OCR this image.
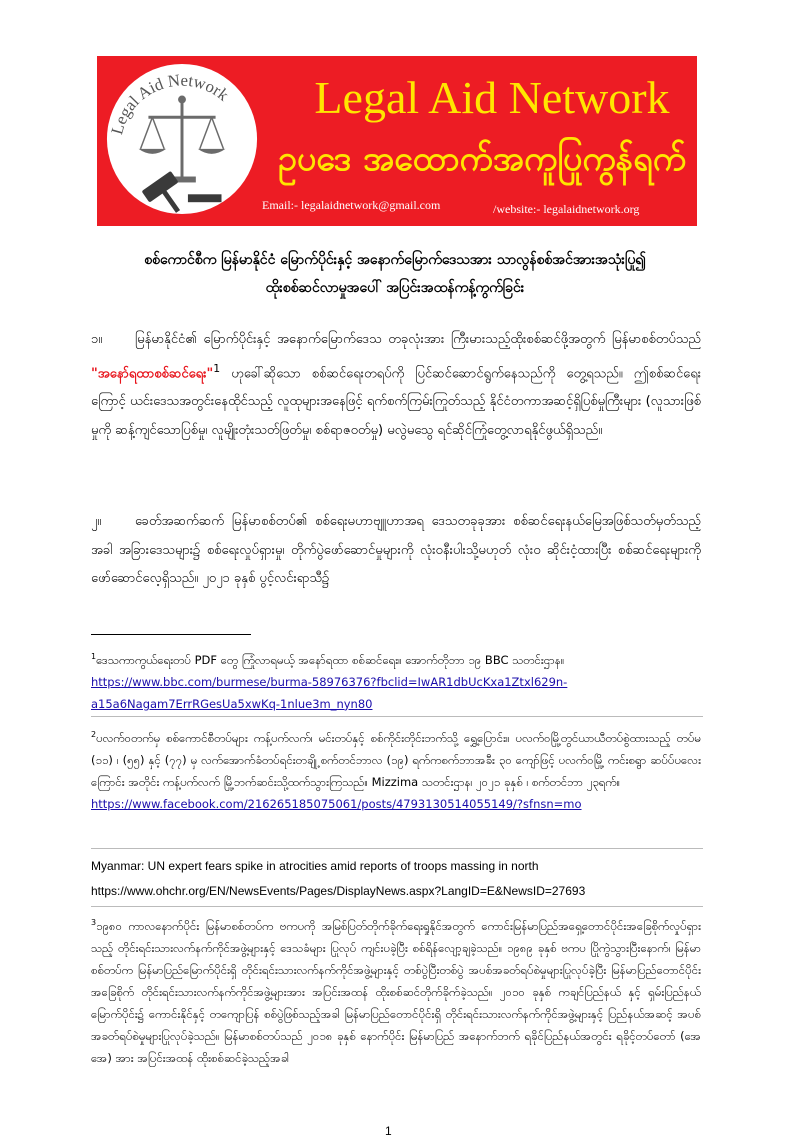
Legal Aid Network	Legal Aid Network
ဥပဒေ အထောက်အကူပြုကွန်ရက်
Email:- legalaidnetwork@gmail.com	/website:- legalaidnetwork.org
စစ်ကောင်စီက မြန်မာနိုင်ငံ မြောက်ပိုင်းနှင့် အနောက်မြောက်ဒေသအား သာလွန်စစ်အင်အားအသုံးပြု၍
ထိုးစစ်ဆင်လာမှုအပေါ် အပြင်းအထန်ကန့်ကွက်ခြင်း
၁။	မြန်မာနိုင်ငံ၏ မြောက်ပိုင်းနှင့် အနောက်မြောက်ဒေသ တခုလုံးအား ကြီးမားသည့်ထိုးစစ်ဆင်ဖို့အတွက် မြန်မာစစ်တပ်သည် "အနော်ရထာစစ်ဆင်ရေး"$^1$ ဟုခေါ်ဆိုသော စစ်ဆင်ရေးတရပ်ကို ပြင်ဆင်ဆောင်ရွက်နေသည်ကို တွေ့ရသည်။ ဤစစ်ဆင်ရေးကြောင့် ယင်းဒေသအတွင်းနေထိုင်သည့် လူထုများအနေဖြင့် ရက်စက်ကြမ်းကြုတ်သည့် နိုင်ငံတကာအဆင့်ရှိပြစ်မှုကြီးများ (လူသားဖြစ်မှုကို ဆန့်ကျင်သောပြစ်မှု၊ လူမျိုးတုံးသတ်ဖြတ်မှု၊ စစ်ရာဇဝတ်မှု) မလွဲမသွေ ရင်ဆိုင်ကြုံတွေ့လာရနိုင်ဖွယ်ရှိသည်။
၂။	ခေတ်အဆက်ဆက် မြန်မာစစ်တပ်၏ စစ်ရေးမဟာဗျူဟာအရ ဒေသတခုခုအား စစ်ဆင်ရေးနယ်မြေအဖြစ်သတ်မှတ်သည့်အခါ အခြားဒေသများ၌ စစ်ရေးလှုပ်ရှားမှု၊ တိုက်ပွဲဖော်ဆောင်မှုများကို လုံးဝနီးပါးသို့မဟုတ် လုံးဝ ဆိုင်းငံ့ထားပြီး စစ်ဆင်ရေးများကို ဖော်ဆောင်လေ့ရှိသည်။ ၂၀၂၁ ခုနှစ် ပွင့်လင်းရာသီ၌
$^1$ဒေသကာကွယ်ရေးတပ် PDF တွေ ကြုံလာရမယ့် အနော်ရထာ စစ်ဆင်ရေး။ အောက်တိုဘာ ၁၉ BBC သတင်းဌာန။
https://www.bbc.com/burmese/burma-58976376?fbclid=IwAR1dbUcKxa1Ztxl629n-
a15a6Nagam7ErrRGesUa5xwKq-1nlue3m_nyn80
$^2$ပလက်ဝတက်မှ စစ်ကောင်စီတပ်များ ကန့်ပက်လက်၊ မင်းတပ်နှင့် စစ်ကိုင်းတိုင်းဘက်သို့ ရွှေ့ပြောင်း။ ပလက်ဝမြို့တွင်ယာယီတပ်စွဲထားသည့် တပ်မ (၁၁) ၊ (၅၅) နှင့် (၇၇) မှ လက်အောက်ခံတပ်ရင်းတချို့ စက်တင်ဘာလ (၁၉) ရက်ကစက်ဘာအခီး ၃၀ ကျော်ဖြင့် ပလက်ဝမြို့ ကင်းစရွာ ဆပ်ပ်ပလေးကြောင်း အတိုင်း ကန့်ပက်လက် မြို့ဘက်ဆင်းသို့ထက်သွားကြသည်။ Mizzima သတင်းဌာန၊ ၂၀၂၁ ခုနှစ် ၊ စက်တင်ဘာ ၂၃ရက်။
https://www.facebook.com/216265185075061/posts/4793130514055149/?sfnsn=mo
Myanmar: UN expert fears spike in atrocities amid reports of troops massing in north
https://www.ohchr.org/EN/NewsEvents/Pages/DisplayNews.aspx?LangID=E&NewsID=27693
$^3$၁၉၈၀ ကာလနောက်ပိုင်း မြန်မာစစ်တပ်က ဗကပကို အမြစ်ပြတ်တိုက်ခိုက်ရေးရှုနိုင်အတွက် ကောင်းမြန်မာပြည်အရှေ့တောင်ပိုင်းအခြေစိုက်လှုပ်ရှားသည့် တိုင်းရင်းသားလက်နက်ကိုင်အဖွဲ့များနှင့် ဒေသခံများ ပြုလုပ် ကျင်းပခဲ့ပြီး စစ်ရိန်လျော့ချခဲ့သည်။ ၁၉၈၉ ခုနှစ် ဗကပ ပြိုကွဲသွားပြီးနောက်၊ မြန်မာစစ်တပ်က မြန်မာပြည်မြောက်ပိုင်းရှိ တိုင်းရင်းသားလက်နက်ကိုင်အဖွဲ့များနှင့် တစ်ပွဲပြီးတစ်ပွဲ အပစ်အခတ်ရပ်စဲမှုများပြုလုပ်ခဲ့ပြီး မြန်မာပြည်တောင်ပိုင်း အခြေစိုက် တိုင်းရင်းသားလက်နက်ကိုင်အဖွဲ့များအား အပြင်းအထန် ထိုးစစ်ဆင်တိုက်ခိုက်ခဲ့သည်။ ၂၀၁၀ ခုနှစ် ကချင်ပြည်နယ် နှင့် ရှမ်းပြည်နယ်မြောက်ပိုင်း၌ ကောင်းနိုင်နှင့် တကျောပြန် စစ်ပွဲဖြစ်သည့်အခါ မြန်မာပြည်တောင်ပိုင်းရှိ တိုင်းရင်းသားလက်နက်ကိုင်အဖွဲ့များနှင့် ပြည်နယ်အဆင့် အပစ်အခတ်ရပ်စဲမှုများပြုလုပ်ခဲ့သည်။ မြန်မာစစ်တပ်သည် ၂၀၁၈ ခုနှစ် နောက်ပိုင်း မြန်မာပြည် အနောက်ဘက် ရခိုင်ပြည်နယ်အတွင်း ရခိုင့်တပ်တော် (အေအေ) အား အပြင်းအထန် ထိုးစစ်ဆင်ခဲ့သည့်အခါ
1
